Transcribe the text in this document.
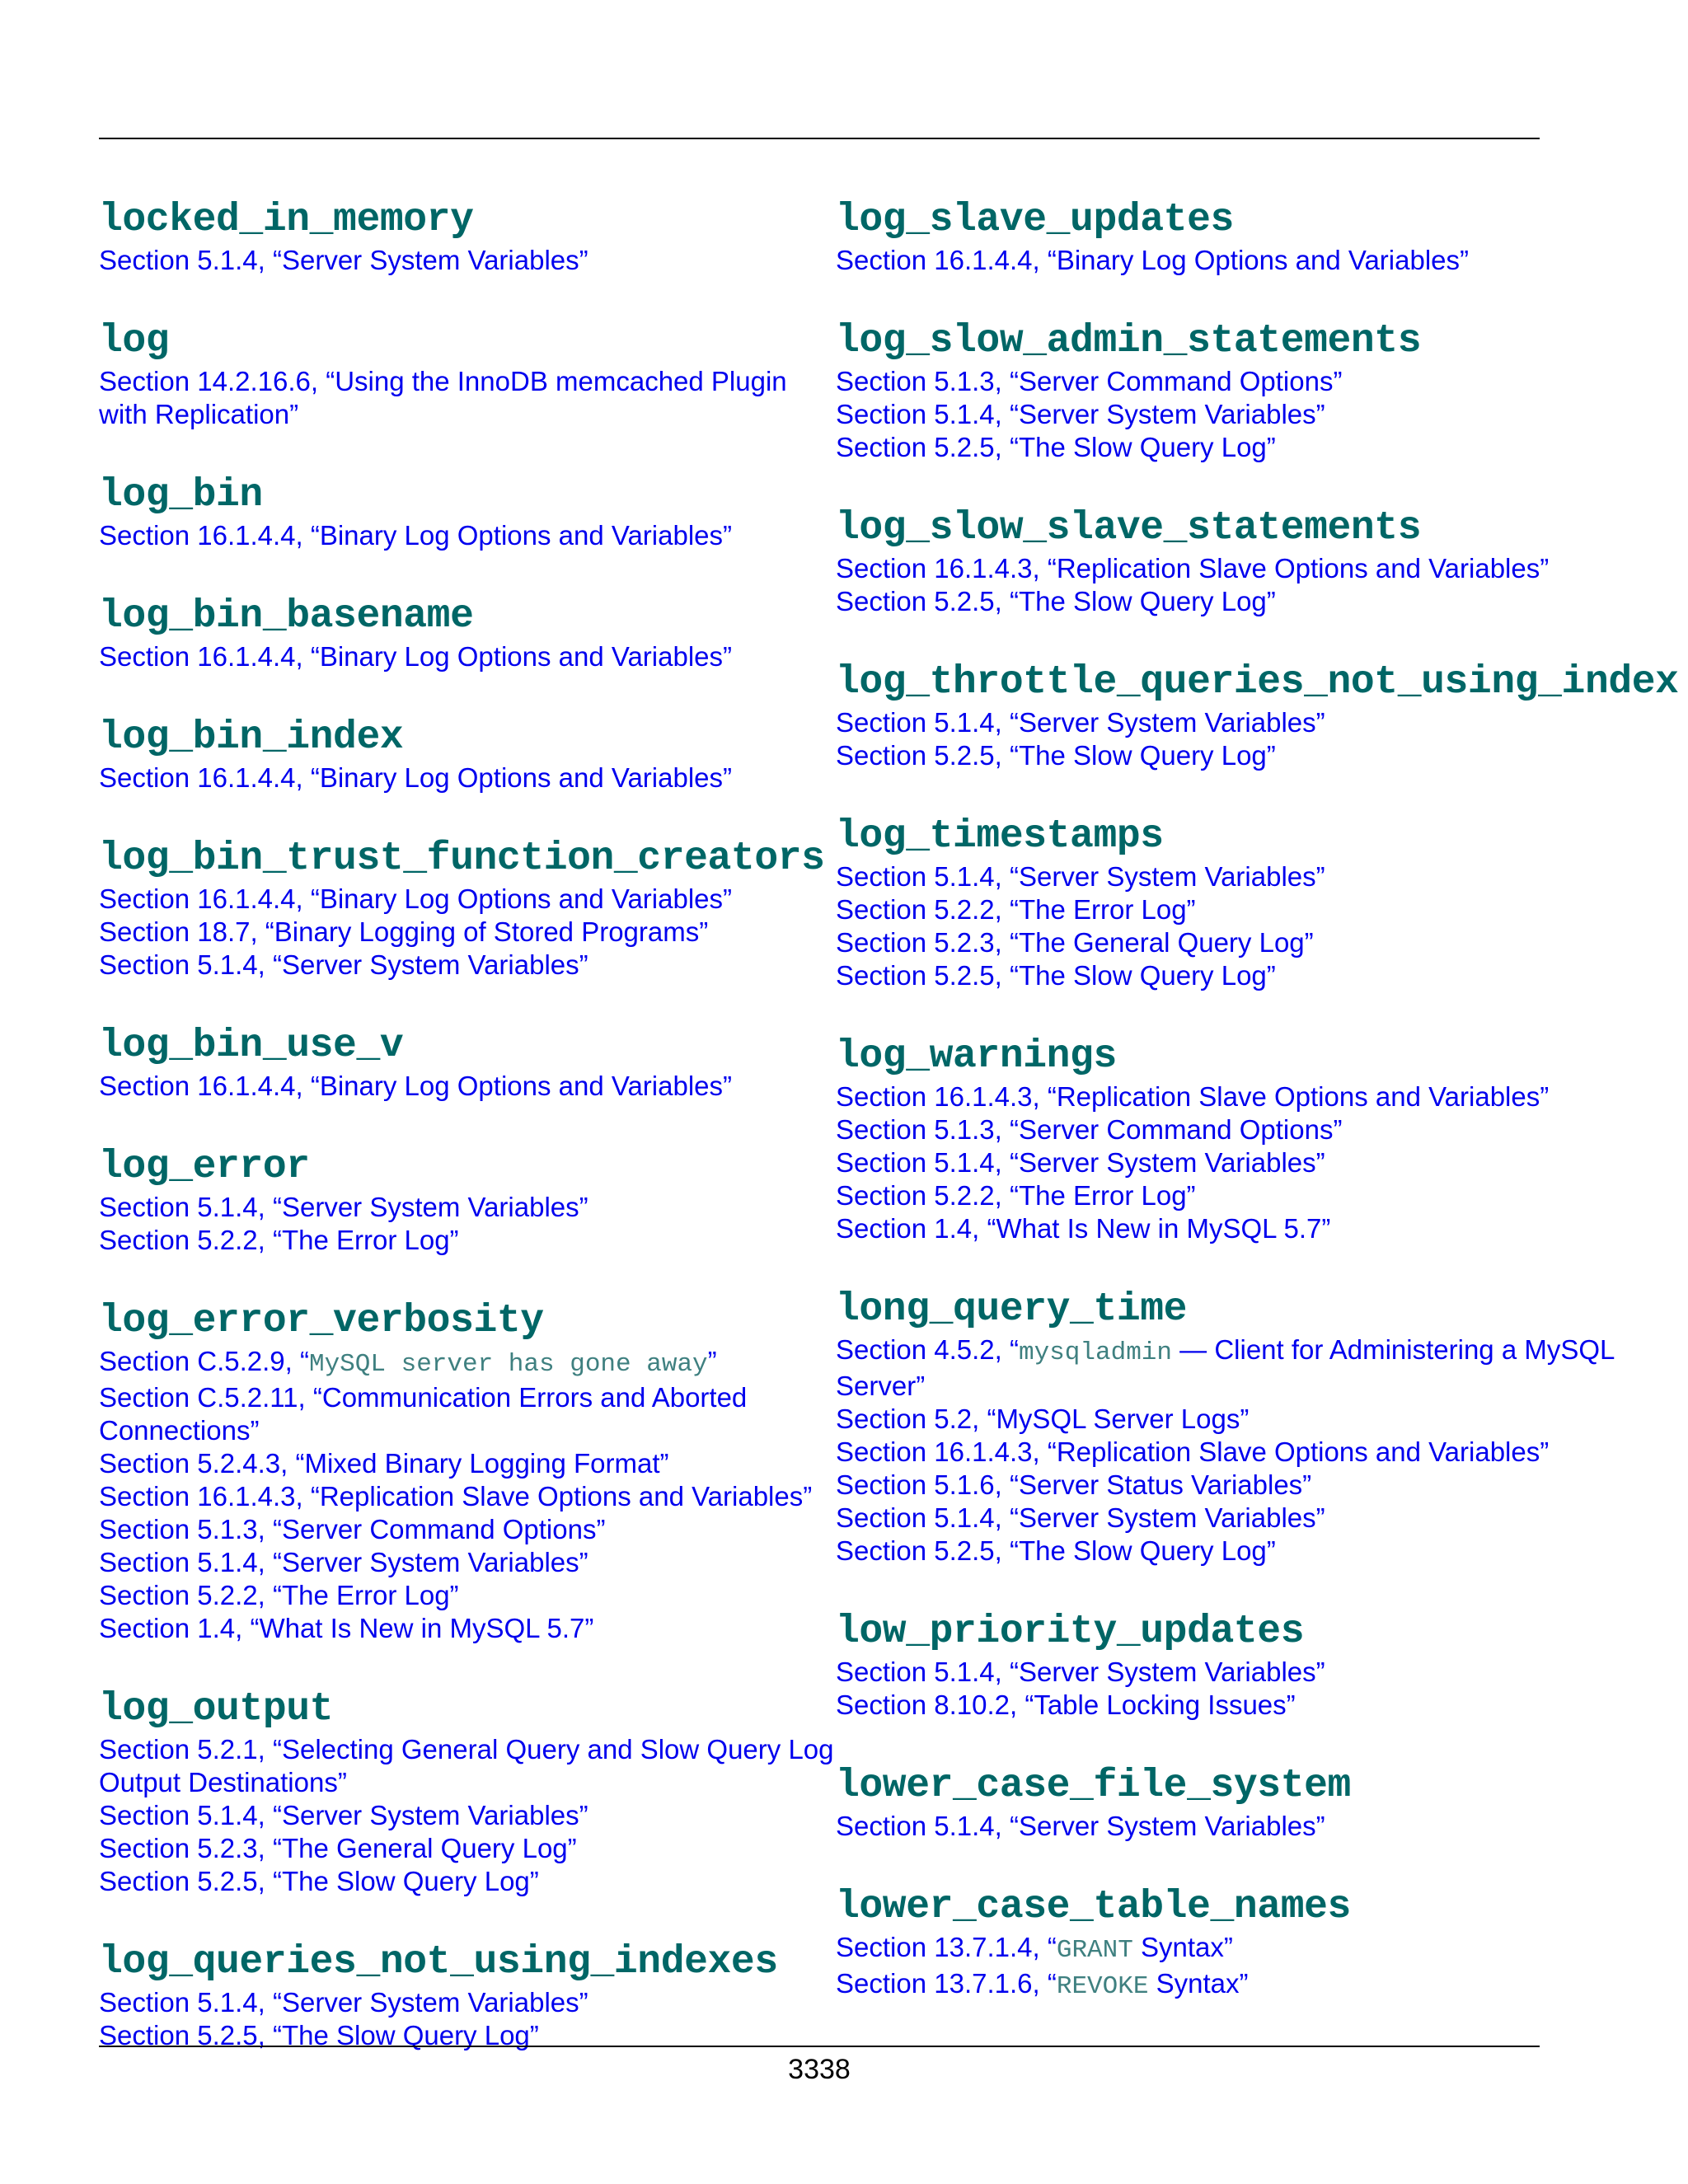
locked_in_memory
Section 5.1.4, “Server System Variables”
log
Section 14.2.16.6, “Using the InnoDB memcached Plugin with Replication”
log_bin
Section 16.1.4.4, “Binary Log Options and Variables”
log_bin_basename
Section 16.1.4.4, “Binary Log Options and Variables”
log_bin_index
Section 16.1.4.4, “Binary Log Options and Variables”
log_bin_trust_function_creators
Section 16.1.4.4, “Binary Log Options and Variables”
Section 18.7, “Binary Logging of Stored Programs”
Section 5.1.4, “Server System Variables”
log_bin_use_v
Section 16.1.4.4, “Binary Log Options and Variables”
log_error
Section 5.1.4, “Server System Variables”
Section 5.2.2, “The Error Log”
log_error_verbosity
Section C.5.2.9, “MySQL server has gone away”
Section C.5.2.11, “Communication Errors and Aborted Connections”
Section 5.2.4.3, “Mixed Binary Logging Format”
Section 16.1.4.3, “Replication Slave Options and Variables”
Section 5.1.3, “Server Command Options”
Section 5.1.4, “Server System Variables”
Section 5.2.2, “The Error Log”
Section 1.4, “What Is New in MySQL 5.7”
log_output
Section 5.2.1, “Selecting General Query and Slow Query Log Output Destinations”
Section 5.1.4, “Server System Variables”
Section 5.2.3, “The General Query Log”
Section 5.2.5, “The Slow Query Log”
log_queries_not_using_indexes
Section 5.1.4, “Server System Variables”
Section 5.2.5, “The Slow Query Log”
log_slave_updates
Section 16.1.4.4, “Binary Log Options and Variables”
log_slow_admin_statements
Section 5.1.3, “Server Command Options”
Section 5.1.4, “Server System Variables”
Section 5.2.5, “The Slow Query Log”
log_slow_slave_statements
Section 16.1.4.3, “Replication Slave Options and Variables”
Section 5.2.5, “The Slow Query Log”
log_throttle_queries_not_using_index
Section 5.1.4, “Server System Variables”
Section 5.2.5, “The Slow Query Log”
log_timestamps
Section 5.1.4, “Server System Variables”
Section 5.2.2, “The Error Log”
Section 5.2.3, “The General Query Log”
Section 5.2.5, “The Slow Query Log”
log_warnings
Section 16.1.4.3, “Replication Slave Options and Variables”
Section 5.1.3, “Server Command Options”
Section 5.1.4, “Server System Variables”
Section 5.2.2, “The Error Log”
Section 1.4, “What Is New in MySQL 5.7”
long_query_time
Section 4.5.2, “mysqladmin — Client for Administering a MySQL Server”
Section 5.2, “MySQL Server Logs”
Section 16.1.4.3, “Replication Slave Options and Variables”
Section 5.1.6, “Server Status Variables”
Section 5.1.4, “Server System Variables”
Section 5.2.5, “The Slow Query Log”
low_priority_updates
Section 5.1.4, “Server System Variables”
Section 8.10.2, “Table Locking Issues”
lower_case_file_system
Section 5.1.4, “Server System Variables”
lower_case_table_names
Section 13.7.1.4, “GRANT Syntax”
Section 13.7.1.6, “REVOKE Syntax”
3338
